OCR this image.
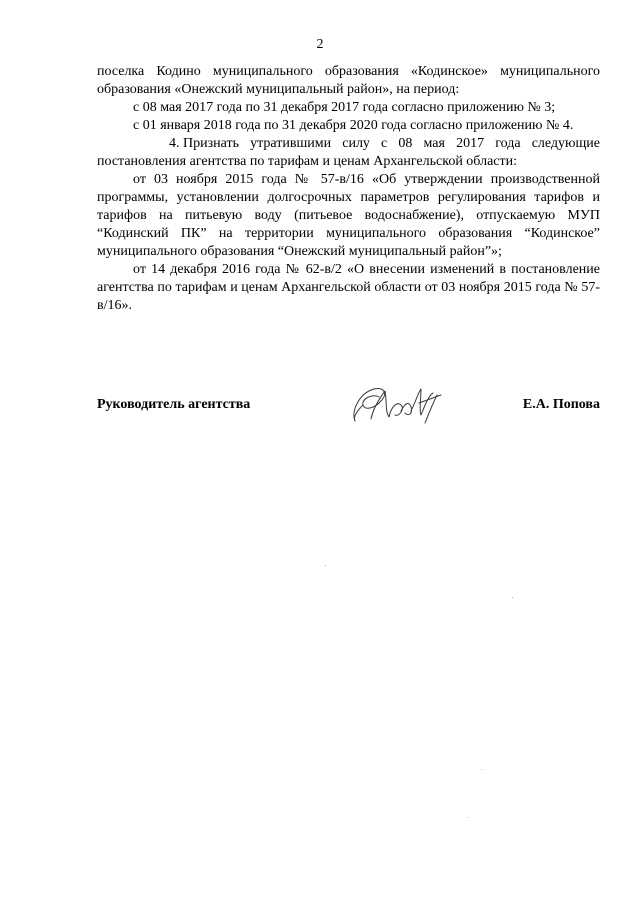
2

поселка Кодино муниципального образования «Кодинское» муниципального образования «Онежский муниципальный район», на период:

с 08 мая 2017 года по 31 декабря 2017 года согласно приложению № 3;

с 01 января 2018 года по 31 декабря 2020 года согласно приложению № 4.

4. Признать утратившими силу с 08 мая 2017 года следующие постановления агентства по тарифам и ценам Архангельской области:

от 03 ноября 2015 года № 57-в/16 «Об утверждении производственной программы, установлении долгосрочных параметров регулирования тарифов и тарифов на питьевую воду (питьевое водоснабжение), отпускаемую МУП “Кодинский ПК” на территории муниципального образования “Кодинское” муниципального образования “Онежский муниципальный район”»;

от 14 декабря 2016 года № 62-в/2 «О внесении изменений в постановление агентства по тарифам и ценам Архангельской области от 03 ноября 2015 года № 57-в/16».

Руководитель агентства	Е.А. Попова
